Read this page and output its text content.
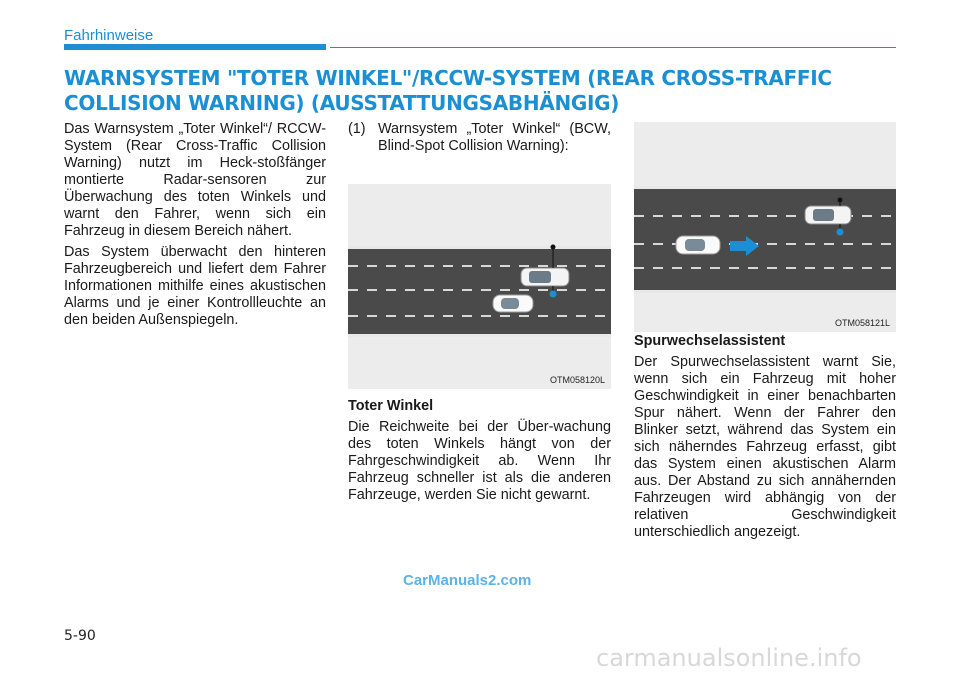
Fahrhinweise
WARNSYSTEM "TOTER WINKEL"/RCCW-SYSTEM (REAR CROSS-TRAFFIC COLLISION WARNING) (AUSSTATTUNGSABHÄNGIG)

Das Warnsystem „Toter Winkel“/ RCCW-System (Rear Cross-Traffic Collision Warning) nutzt im Heck-stoßfänger montierte Radar-sensoren zur Überwachung des toten Winkels und warnt den Fahrer, wenn sich ein Fahrzeug in diesem Bereich nähert.

Das System überwacht den hinteren Fahrzeugbereich und liefert dem Fahrer Informationen mithilfe eines akustischen Alarms und je einer Kontrollleuchte an den beiden Außenspiegeln.

(1) Warnsystem „Toter Winkel“ (BCW, Blind-Spot Collision Warning):
OTM058120L

Toter Winkel

Die Reichweite bei der Über-wachung des toten Winkels hängt von der Fahrgeschwindigkeit ab. Wenn Ihr Fahrzeug schneller ist als die anderen Fahrzeuge, werden Sie nicht gewarnt.

OTM058121L

Spurwechselassistent

Der Spurwechselassistent warnt Sie, wenn sich ein Fahrzeug mit hoher Geschwindigkeit in einer benachbarten Spur nähert. Wenn der Fahrer den Blinker setzt, während das System ein sich näherndes Fahrzeug erfasst, gibt das System einen akustischen Alarm aus. Der Abstand zu sich annähernden Fahrzeugen wird abhängig von der relativen Geschwindigkeit unterschiedlich angezeigt.

CarManuals2.com
5-90
carmanualsonline.info
